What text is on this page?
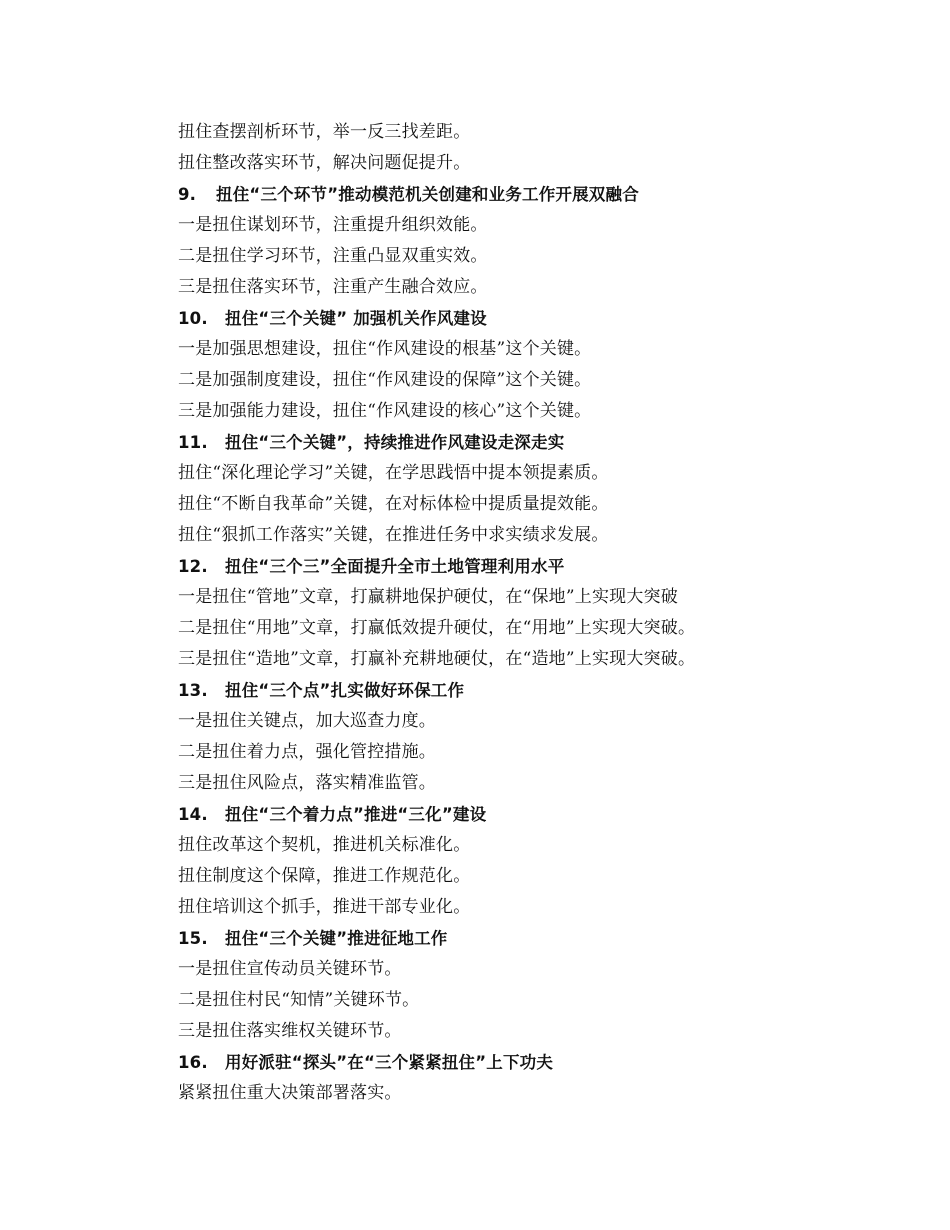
扭住查摆剖析环节，举一反三找差距。
扭住整改落实环节，解决问题促提升。
9. 扭住“三个环节”推动模范机关创建和业务工作开展双融合
一是扭住谋划环节，注重提升组织效能。
二是扭住学习环节，注重凸显双重实效。
三是扭住落实环节，注重产生融合效应。
10. 扭住“三个关键” 加强机关作风建设
一是加强思想建设，扭住“作风建设的根基”这个关键。
二是加强制度建设，扭住“作风建设的保障”这个关键。
三是加强能力建设，扭住“作风建设的核心”这个关键。
11. 扭住“三个关键”，持续推进作风建设走深走实
扭住“深化理论学习”关键，在学思践悟中提本领提素质。
扭住“不断自我革命”关键，在对标体检中提质量提效能。
扭住“狠抓工作落实”关键，在推进任务中求实绩求发展。
12. 扭住“三个三”全面提升全市土地管理利用水平
一是扭住“管地”文章，打赢耕地保护硬仗，在“保地”上实现大突破
二是扭住“用地”文章，打赢低效提升硬仗，在“用地”上实现大突破。
三是扭住“造地”文章，打赢补充耕地硬仗，在“造地”上实现大突破。
13. 扭住“三个点”扎实做好环保工作
一是扭住关键点，加大巡查力度。
二是扭住着力点，强化管控措施。
三是扭住风险点，落实精准监管。
14. 扭住“三个着力点”推进“三化”建设
扭住改革这个契机，推进机关标准化。
扭住制度这个保障，推进工作规范化。
扭住培训这个抓手，推进干部专业化。
15. 扭住“三个关键”推进征地工作
一是扭住宣传动员关键环节。
二是扭住村民“知情”关键环节。
三是扭住落实维权关键环节。
16. 用好派驻“探头”在“三个紧紧扭住”上下功夫
紧紧扭住重大决策部署落实。
